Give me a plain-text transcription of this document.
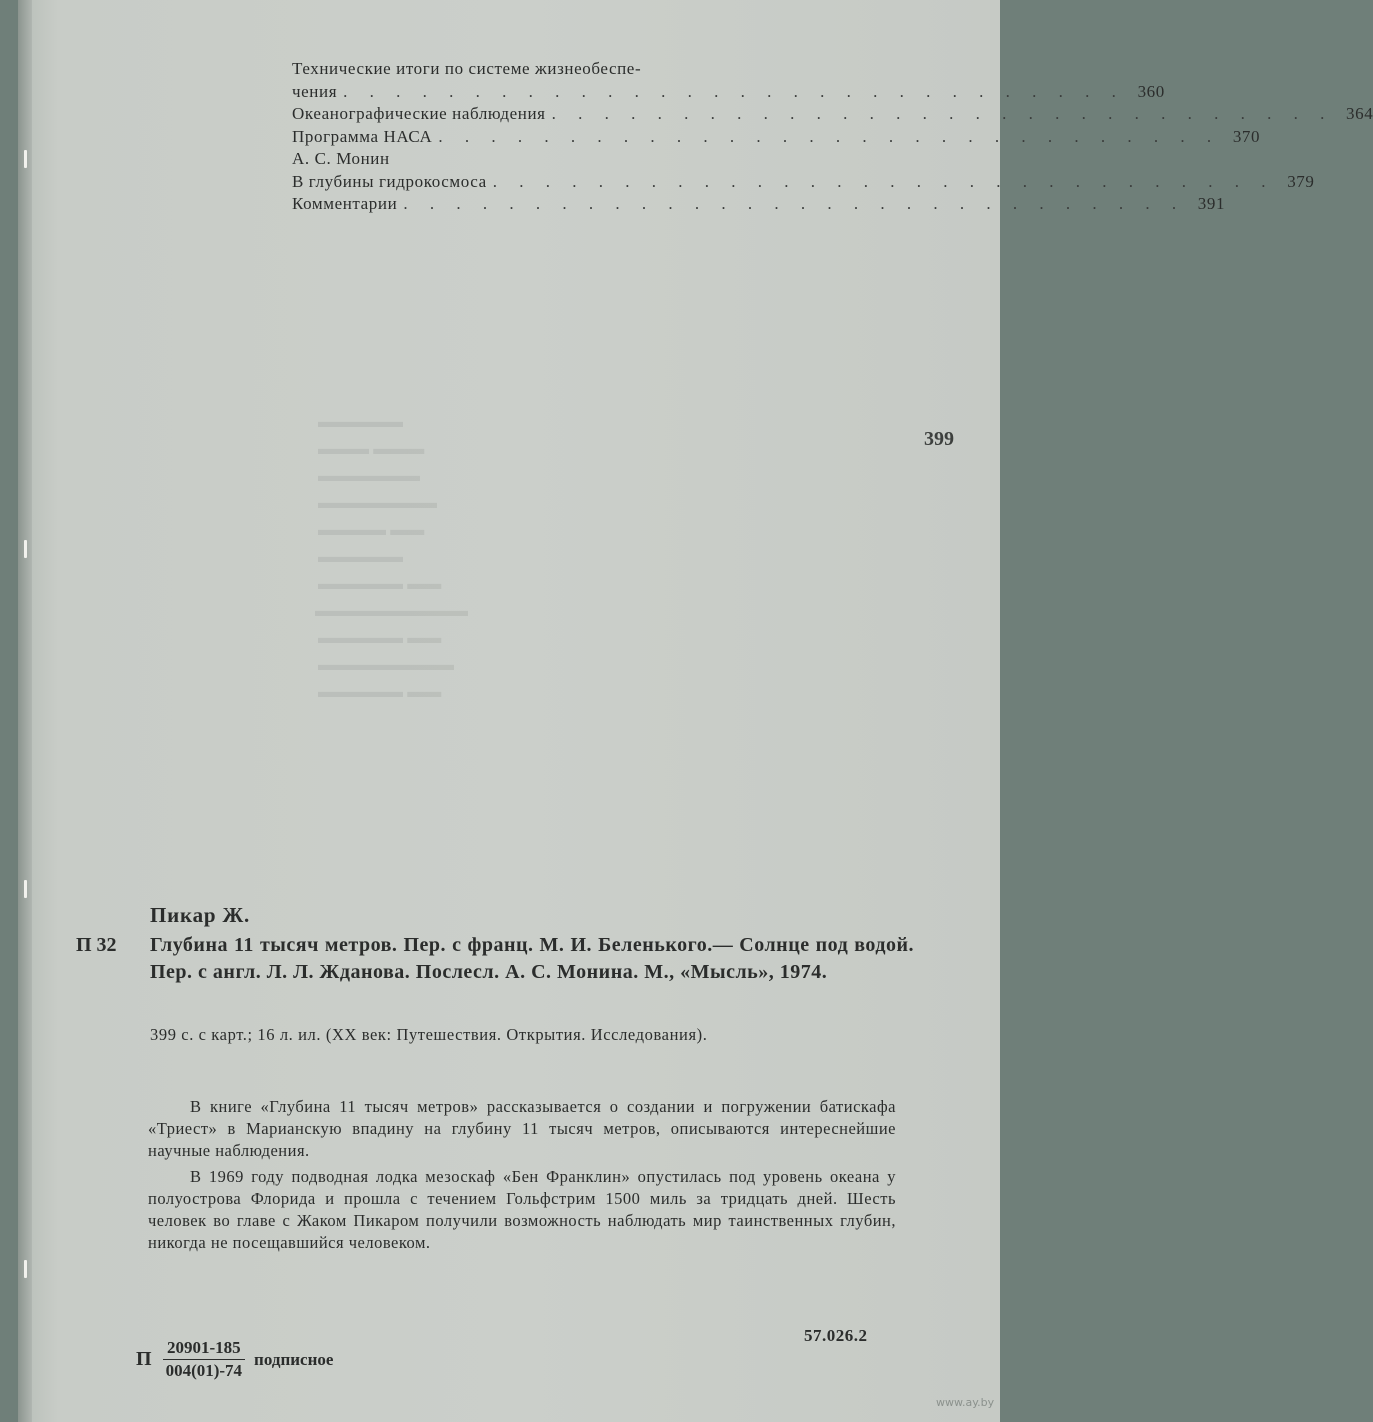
▬▬▬▬▬
▬▬▬ ▬▬▬
▬▬▬▬▬▬
▬▬▬▬▬▬▬
▬▬ ▬▬▬▬
▬▬▬▬▬
▬▬ ▬▬▬▬▬
▬▬▬▬▬▬▬▬▬
▬▬ ▬▬▬▬▬
▬▬▬▬▬▬▬▬
▬▬ ▬▬▬▬▬
Технические итоги по системе жизнеобеспе-
чения . . . . . . . . . . . . . . . . . . . . . . . . . . . . . . 360
Океанографические наблюдения . . . . . . . . . . . . . . . . . . . . . . . . . . . . . . 364
Программа НАСА . . . . . . . . . . . . . . . . . . . . . . . . . . . . . . 370
А. С. Монин
В глубины гидрокосмоса . . . . . . . . . . . . . . . . . . . . . . . . . . . . . . 379
Комментарии . . . . . . . . . . . . . . . . . . . . . . . . . . . . . . 391
399
Пикар Ж.
П 32 Глубина 11 тысяч метров. Пер. с франц. М. И. Беленького.— Солнце под водой. Пер. с англ. Л. Л. Жданова. Послесл. А. С. Монина. М., «Мысль», 1974.
399 с. с карт.; 16 л. ил. (XX век: Путешествия. Открытия. Исследования).

В книге «Глубина 11 тысяч метров» рассказывается о создании и погружении батискафа «Триест» в Марианскую впадину на глубину 11 тысяч метров, описываются интереснейшие научные наблюдения.

В 1969 году подводная лодка мезоскаф «Бен Франклин» опустилась под уровень океана у полуострова Флорида и прошла с течением Гольфстрим 1500 миль за тридцать дней. Шесть человек во главе с Жаком Пикаром получили возможность наблюдать мир таинственных глубин, никогда не посещавшийся человеком.

57.026.2
П $\frac{20901-185}{004(01)-74}$ подписное
www.ay.by
